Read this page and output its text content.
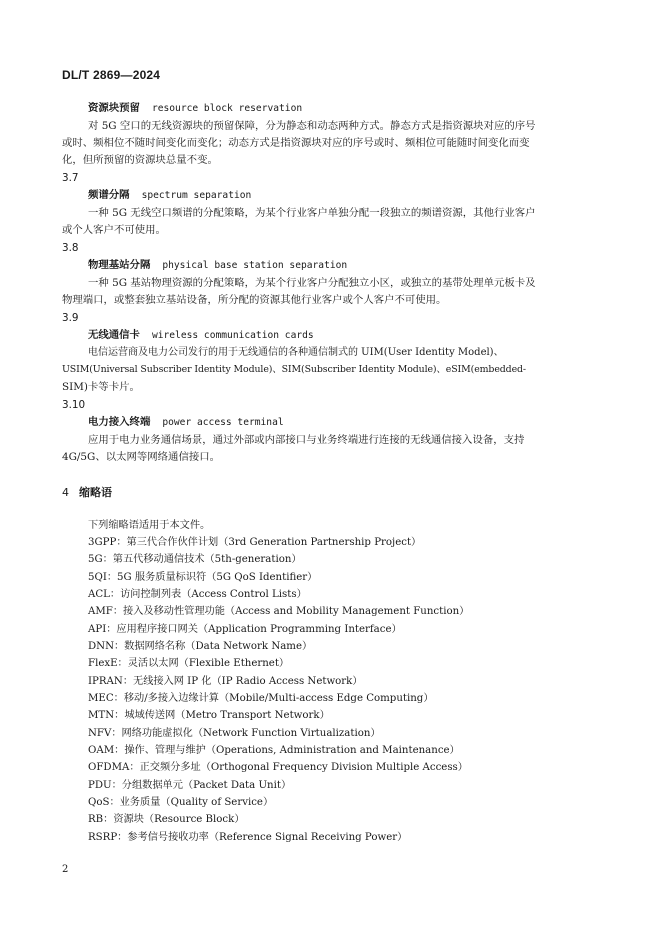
DL/T 2869—2024
资源块预留 resource block reservation
对 5G 空口的无线资源块的预留保障，分为静态和动态两种方式。静态方式是指资源块对应的序号
或时、频相位不随时间变化而变化；动态方式是指资源块对应的序号或时、频相位可能随时间变化而变
化，但所预留的资源块总量不变。
3.7
频谱分隔 spectrum separation
一种 5G 无线空口频谱的分配策略，为某个行业客户单独分配一段独立的频谱资源，其他行业客户
或个人客户不可使用。
3.8
物理基站分隔 physical base station separation
一种 5G 基站物理资源的分配策略，为某个行业客户分配独立小区，或独立的基带处理单元板卡及
物理端口，或整套独立基站设备，所分配的资源其他行业客户或个人客户不可使用。
3.9
无线通信卡 wireless communication cards
电信运营商及电力公司发行的用于无线通信的各种通信制式的 UIM(User Identity Model)、
USIM(Universal Subscriber Identity Module)、SIM(Subscriber Identity Module)、eSIM(embedded-
SIM)卡等卡片。
3.10
电力接入终端 power access terminal
应用于电力业务通信场景，通过外部或内部接口与业务终端进行连接的无线通信接入设备，支持
4G/5G、以太网等网络通信接口。
4 缩略语
下列缩略语适用于本文件。
3GPP：第三代合作伙伴计划（3rd Generation Partnership Project）
5G：第五代移动通信技术（5th-generation）
5QI：5G 服务质量标识符（5G QoS Identifier）
ACL：访问控制列表（Access Control Lists）
AMF：接入及移动性管理功能（Access and Mobility Management Function）
API：应用程序接口网关（Application Programming Interface）
DNN：数据网络名称（Data Network Name）
FlexE：灵活以太网（Flexible Ethernet）
IPRAN：无线接入网 IP 化（IP Radio Access Network）
MEC：移动/多接入边缘计算（Mobile/Multi-access Edge Computing）
MTN：城域传送网（Metro Transport Network）
NFV：网络功能虚拟化（Network Function Virtualization）
OAM：操作、管理与维护（Operations, Administration and Maintenance）
OFDMA：正交频分多址（Orthogonal Frequency Division Multiple Access）
PDU：分组数据单元（Packet Data Unit）
QoS：业务质量（Quality of Service）
RB：资源块（Resource Block）
RSRP：参考信号接收功率（Reference Signal Receiving Power）
2
